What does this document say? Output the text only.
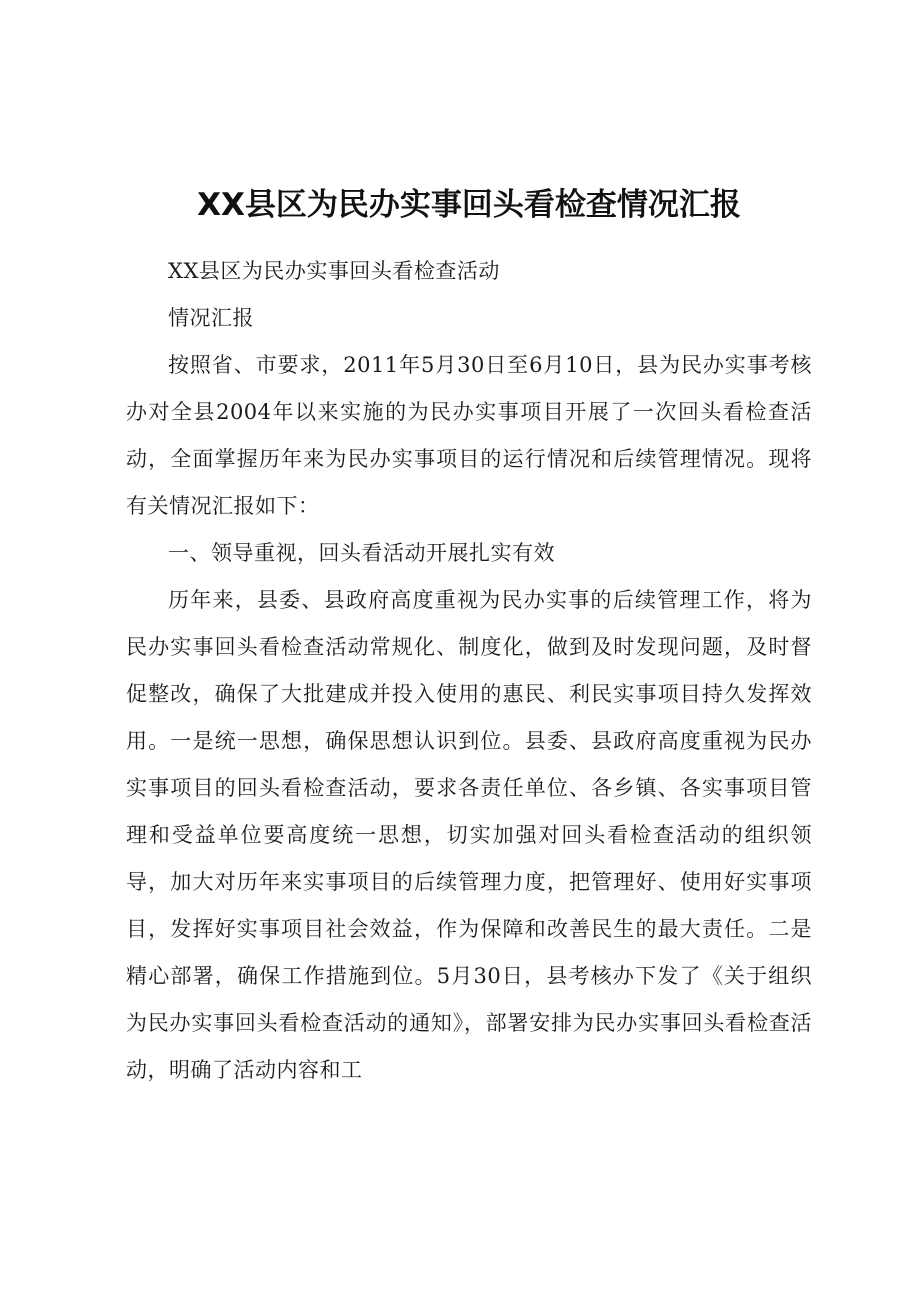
XX县区为民办实事回头看检查情况汇报

XX县区为民办实事回头看检查活动

情况汇报

按照省、市要求，2011年5月30日至6月10日，县为民办实事考核办对全县2004年以来实施的为民办实事项目开展了一次回头看检查活动，全面掌握历年来为民办实事项目的运行情况和后续管理情况。现将有关情况汇报如下：

一、领导重视，回头看活动开展扎实有效

历年来，县委、县政府高度重视为民办实事的后续管理工作，将为民办实事回头看检查活动常规化、制度化，做到及时发现问题，及时督促整改，确保了大批建成并投入使用的惠民、利民实事项目持久发挥效用。一是统一思想，确保思想认识到位。县委、县政府高度重视为民办实事项目的回头看检查活动，要求各责任单位、各乡镇、各实事项目管理和受益单位要高度统一思想，切实加强对回头看检查活动的组织领导，加大对历年来实事项目的后续管理力度，把管理好、使用好实事项目，发挥好实事项目社会效益，作为保障和改善民生的最大责任。二是精心部署，确保工作措施到位。5月30日，县考核办下发了《关于组织为民办实事回头看检查活动的通知》，部署安排为民办实事回头看检查活动，明确了活动内容和工
